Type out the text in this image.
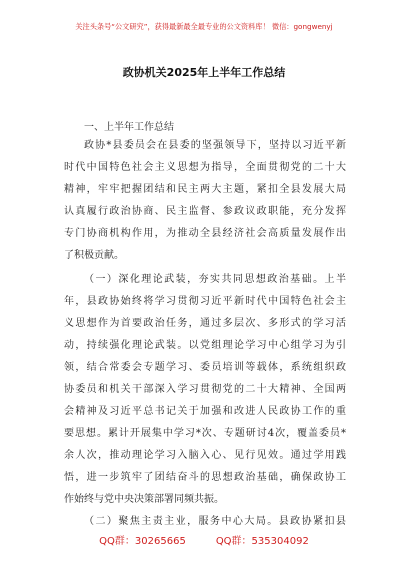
关注头条号“公文研究”，获得最新最全最专业的公文资料库！ 微信：gongwenyj
政协机关2025年上半年工作总结
一、上半年工作总结
政协*县委员会在县委的坚强领导下，坚持以习近平新
时代中国特色社会主义思想为指导，全面贯彻党的二十大
精神，牢牢把握团结和民主两大主题，紧扣全县发展大局
认真履行政治协商、民主监督、参政议政职能，充分发挥
专门协商机构作用，为推动全县经济社会高质量发展作出
了积极贡献。
（一）深化理论武装，夯实共同思想政治基础。上半
年，县政协始终将学习贯彻习近平新时代中国特色社会主
义思想作为首要政治任务，通过多层次、多形式的学习活
动，持续强化理论武装。以党组理论学习中心组学习为引
领，结合常委会专题学习、委员培训等载体，系统组织政
协委员和机关干部深入学习贯彻党的二十大精神、全国两
会精神及习近平总书记关于加强和改进人民政协工作的重
要思想。累计开展集中学习*次、专题研讨4次，覆盖委员*
余人次，推动理论学习入脑入心、见行见效。通过学用践
悟，进一步筑牢了团结奋斗的思想政治基础，确保政协工
作始终与党中央决策部署同频共振。
（二）聚焦主责主业，服务中心大局。县政协紧扣县
QQ群：30265665	QQ群：535304092
